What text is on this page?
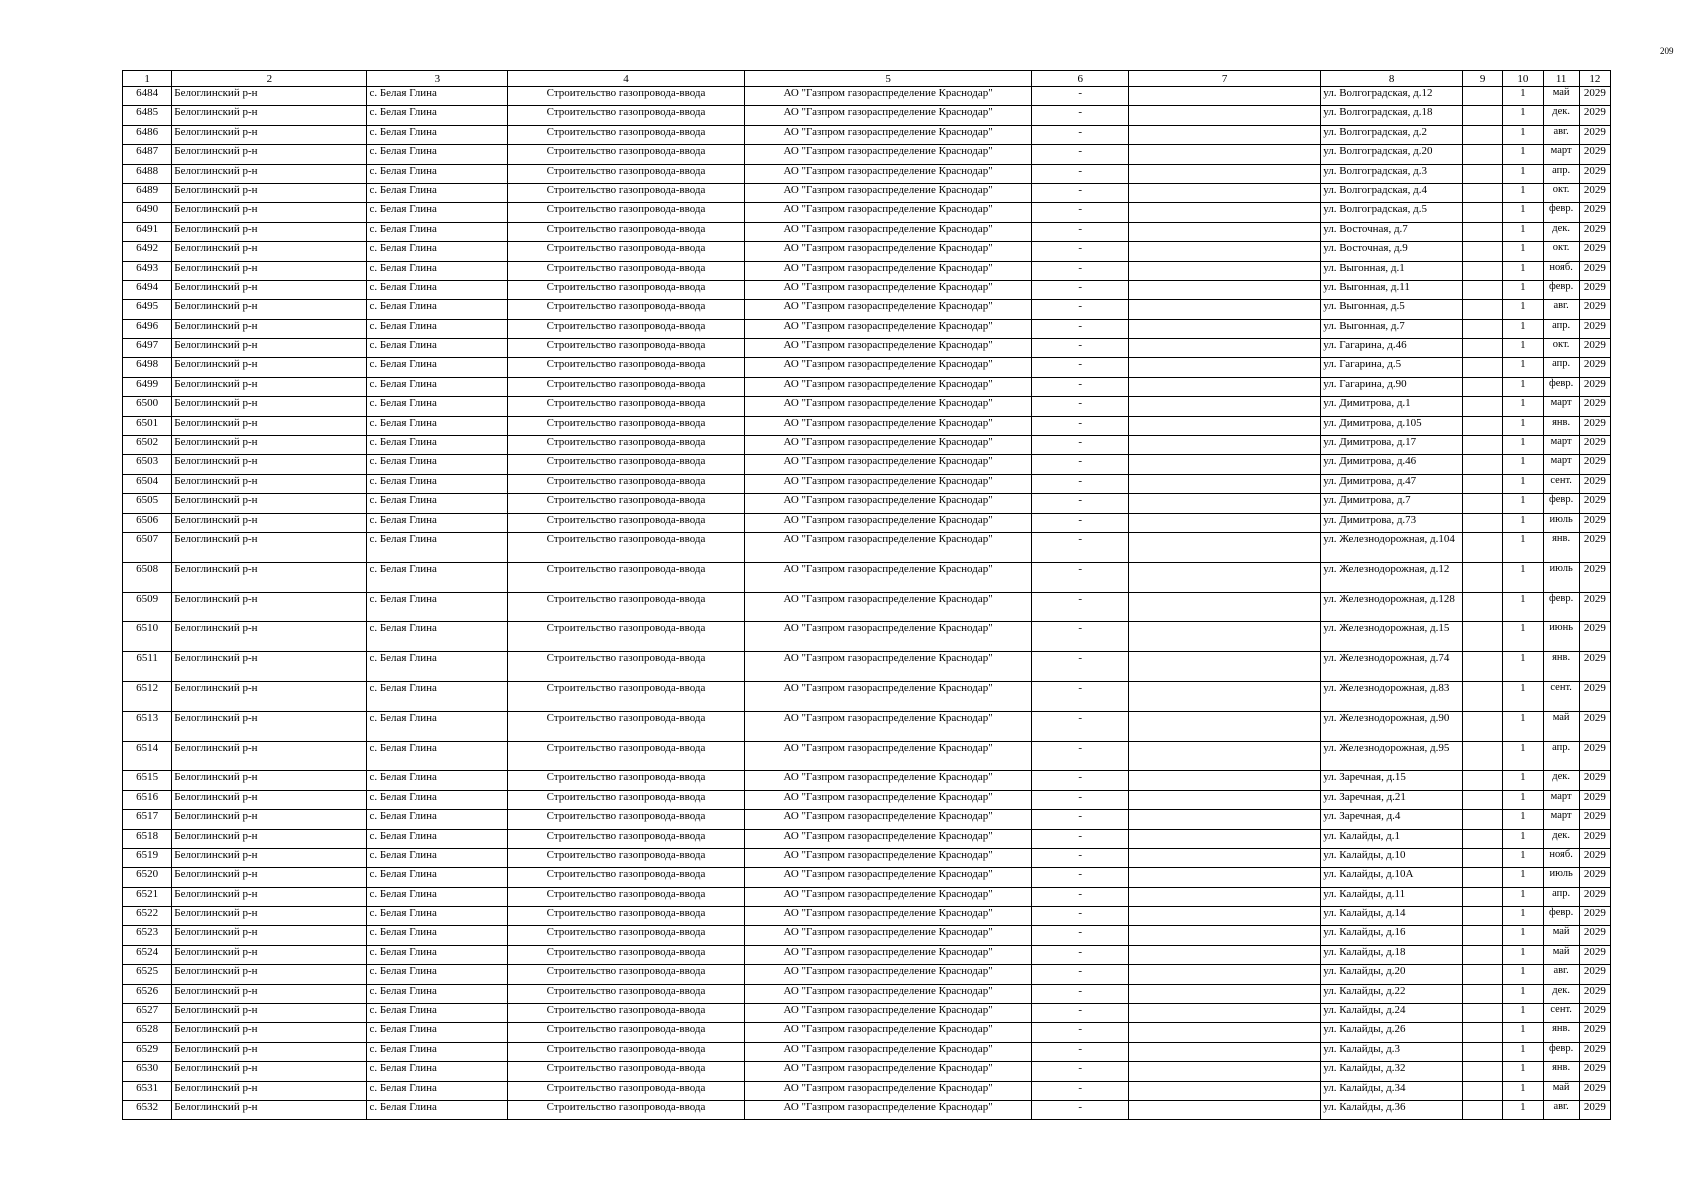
209
1	2	3	4	5	6	7	8	9	10	11	12
6484	Белоглинский р-н	с. Белая Глина	Строительство газопровода-ввода	АО "Газпром газораспределение Краснодар"	-		ул. Волгоградская, д.12		1	май	2029
6485	Белоглинский р-н	с. Белая Глина	Строительство газопровода-ввода	АО "Газпром газораспределение Краснодар"	-		ул. Волгоградская, д.18		1	дек.	2029
6486	Белоглинский р-н	с. Белая Глина	Строительство газопровода-ввода	АО "Газпром газораспределение Краснодар"	-		ул. Волгоградская, д.2		1	авг.	2029
6487	Белоглинский р-н	с. Белая Глина	Строительство газопровода-ввода	АО "Газпром газораспределение Краснодар"	-		ул. Волгоградская, д.20		1	март	2029
6488	Белоглинский р-н	с. Белая Глина	Строительство газопровода-ввода	АО "Газпром газораспределение Краснодар"	-		ул. Волгоградская, д.3		1	апр.	2029
6489	Белоглинский р-н	с. Белая Глина	Строительство газопровода-ввода	АО "Газпром газораспределение Краснодар"	-		ул. Волгоградская, д.4		1	окт.	2029
6490	Белоглинский р-н	с. Белая Глина	Строительство газопровода-ввода	АО "Газпром газораспределение Краснодар"	-		ул. Волгоградская, д.5		1	февр.	2029
6491	Белоглинский р-н	с. Белая Глина	Строительство газопровода-ввода	АО "Газпром газораспределение Краснодар"	-		ул. Восточная, д.7		1	дек.	2029
6492	Белоглинский р-н	с. Белая Глина	Строительство газопровода-ввода	АО "Газпром газораспределение Краснодар"	-		ул. Восточная, д.9		1	окт.	2029
6493	Белоглинский р-н	с. Белая Глина	Строительство газопровода-ввода	АО "Газпром газораспределение Краснодар"	-		ул. Выгонная, д.1		1	нояб.	2029
6494	Белоглинский р-н	с. Белая Глина	Строительство газопровода-ввода	АО "Газпром газораспределение Краснодар"	-		ул. Выгонная, д.11		1	февр.	2029
6495	Белоглинский р-н	с. Белая Глина	Строительство газопровода-ввода	АО "Газпром газораспределение Краснодар"	-		ул. Выгонная, д.5		1	авг.	2029
6496	Белоглинский р-н	с. Белая Глина	Строительство газопровода-ввода	АО "Газпром газораспределение Краснодар"	-		ул. Выгонная, д.7		1	апр.	2029
6497	Белоглинский р-н	с. Белая Глина	Строительство газопровода-ввода	АО "Газпром газораспределение Краснодар"	-		ул. Гагарина, д.46		1	окт.	2029
6498	Белоглинский р-н	с. Белая Глина	Строительство газопровода-ввода	АО "Газпром газораспределение Краснодар"	-		ул. Гагарина, д.5		1	апр.	2029
6499	Белоглинский р-н	с. Белая Глина	Строительство газопровода-ввода	АО "Газпром газораспределение Краснодар"	-		ул. Гагарина, д.90		1	февр.	2029
6500	Белоглинский р-н	с. Белая Глина	Строительство газопровода-ввода	АО "Газпром газораспределение Краснодар"	-		ул. Димитрова, д.1		1	март	2029
6501	Белоглинский р-н	с. Белая Глина	Строительство газопровода-ввода	АО "Газпром газораспределение Краснодар"	-		ул. Димитрова, д.105		1	янв.	2029
6502	Белоглинский р-н	с. Белая Глина	Строительство газопровода-ввода	АО "Газпром газораспределение Краснодар"	-		ул. Димитрова, д.17		1	март	2029
6503	Белоглинский р-н	с. Белая Глина	Строительство газопровода-ввода	АО "Газпром газораспределение Краснодар"	-		ул. Димитрова, д.46		1	март	2029
6504	Белоглинский р-н	с. Белая Глина	Строительство газопровода-ввода	АО "Газпром газораспределение Краснодар"	-		ул. Димитрова, д.47		1	сент.	2029
6505	Белоглинский р-н	с. Белая Глина	Строительство газопровода-ввода	АО "Газпром газораспределение Краснодар"	-		ул. Димитрова, д.7		1	февр.	2029
6506	Белоглинский р-н	с. Белая Глина	Строительство газопровода-ввода	АО "Газпром газораспределение Краснодар"	-		ул. Димитрова, д.73		1	июль	2029
6507	Белоглинский р-н	с. Белая Глина	Строительство газопровода-ввода	АО "Газпром газораспределение Краснодар"	-		ул. Железнодорожная, д.104		1	янв.	2029
6508	Белоглинский р-н	с. Белая Глина	Строительство газопровода-ввода	АО "Газпром газораспределение Краснодар"	-		ул. Железнодорожная, д.12		1	июль	2029
6509	Белоглинский р-н	с. Белая Глина	Строительство газопровода-ввода	АО "Газпром газораспределение Краснодар"	-		ул. Железнодорожная, д.128		1	февр.	2029
6510	Белоглинский р-н	с. Белая Глина	Строительство газопровода-ввода	АО "Газпром газораспределение Краснодар"	-		ул. Железнодорожная, д.15		1	июнь	2029
6511	Белоглинский р-н	с. Белая Глина	Строительство газопровода-ввода	АО "Газпром газораспределение Краснодар"	-		ул. Железнодорожная, д.74		1	янв.	2029
6512	Белоглинский р-н	с. Белая Глина	Строительство газопровода-ввода	АО "Газпром газораспределение Краснодар"	-		ул. Железнодорожная, д.83		1	сент.	2029
6513	Белоглинский р-н	с. Белая Глина	Строительство газопровода-ввода	АО "Газпром газораспределение Краснодар"	-		ул. Железнодорожная, д.90		1	май	2029
6514	Белоглинский р-н	с. Белая Глина	Строительство газопровода-ввода	АО "Газпром газораспределение Краснодар"	-		ул. Железнодорожная, д.95		1	апр.	2029
6515	Белоглинский р-н	с. Белая Глина	Строительство газопровода-ввода	АО "Газпром газораспределение Краснодар"	-		ул. Заречная, д.15		1	дек.	2029
6516	Белоглинский р-н	с. Белая Глина	Строительство газопровода-ввода	АО "Газпром газораспределение Краснодар"	-		ул. Заречная, д.21		1	март	2029
6517	Белоглинский р-н	с. Белая Глина	Строительство газопровода-ввода	АО "Газпром газораспределение Краснодар"	-		ул. Заречная, д.4		1	март	2029
6518	Белоглинский р-н	с. Белая Глина	Строительство газопровода-ввода	АО "Газпром газораспределение Краснодар"	-		ул. Калайды, д.1		1	дек.	2029
6519	Белоглинский р-н	с. Белая Глина	Строительство газопровода-ввода	АО "Газпром газораспределение Краснодар"	-		ул. Калайды, д.10		1	нояб.	2029
6520	Белоглинский р-н	с. Белая Глина	Строительство газопровода-ввода	АО "Газпром газораспределение Краснодар"	-		ул. Калайды, д.10А		1	июль	2029
6521	Белоглинский р-н	с. Белая Глина	Строительство газопровода-ввода	АО "Газпром газораспределение Краснодар"	-		ул. Калайды, д.11		1	апр.	2029
6522	Белоглинский р-н	с. Белая Глина	Строительство газопровода-ввода	АО "Газпром газораспределение Краснодар"	-		ул. Калайды, д.14		1	февр.	2029
6523	Белоглинский р-н	с. Белая Глина	Строительство газопровода-ввода	АО "Газпром газораспределение Краснодар"	-		ул. Калайды, д.16		1	май	2029
6524	Белоглинский р-н	с. Белая Глина	Строительство газопровода-ввода	АО "Газпром газораспределение Краснодар"	-		ул. Калайды, д.18		1	май	2029
6525	Белоглинский р-н	с. Белая Глина	Строительство газопровода-ввода	АО "Газпром газораспределение Краснодар"	-		ул. Калайды, д.20		1	авг.	2029
6526	Белоглинский р-н	с. Белая Глина	Строительство газопровода-ввода	АО "Газпром газораспределение Краснодар"	-		ул. Калайды, д.22		1	дек.	2029
6527	Белоглинский р-н	с. Белая Глина	Строительство газопровода-ввода	АО "Газпром газораспределение Краснодар"	-		ул. Калайды, д.24		1	сент.	2029
6528	Белоглинский р-н	с. Белая Глина	Строительство газопровода-ввода	АО "Газпром газораспределение Краснодар"	-		ул. Калайды, д.26		1	янв.	2029
6529	Белоглинский р-н	с. Белая Глина	Строительство газопровода-ввода	АО "Газпром газораспределение Краснодар"	-		ул. Калайды, д.3		1	февр.	2029
6530	Белоглинский р-н	с. Белая Глина	Строительство газопровода-ввода	АО "Газпром газораспределение Краснодар"	-		ул. Калайды, д.32		1	янв.	2029
6531	Белоглинский р-н	с. Белая Глина	Строительство газопровода-ввода	АО "Газпром газораспределение Краснодар"	-		ул. Калайды, д.34		1	май	2029
6532	Белоглинский р-н	с. Белая Глина	Строительство газопровода-ввода	АО "Газпром газораспределение Краснодар"	-		ул. Калайды, д.36		1	авг.	2029
